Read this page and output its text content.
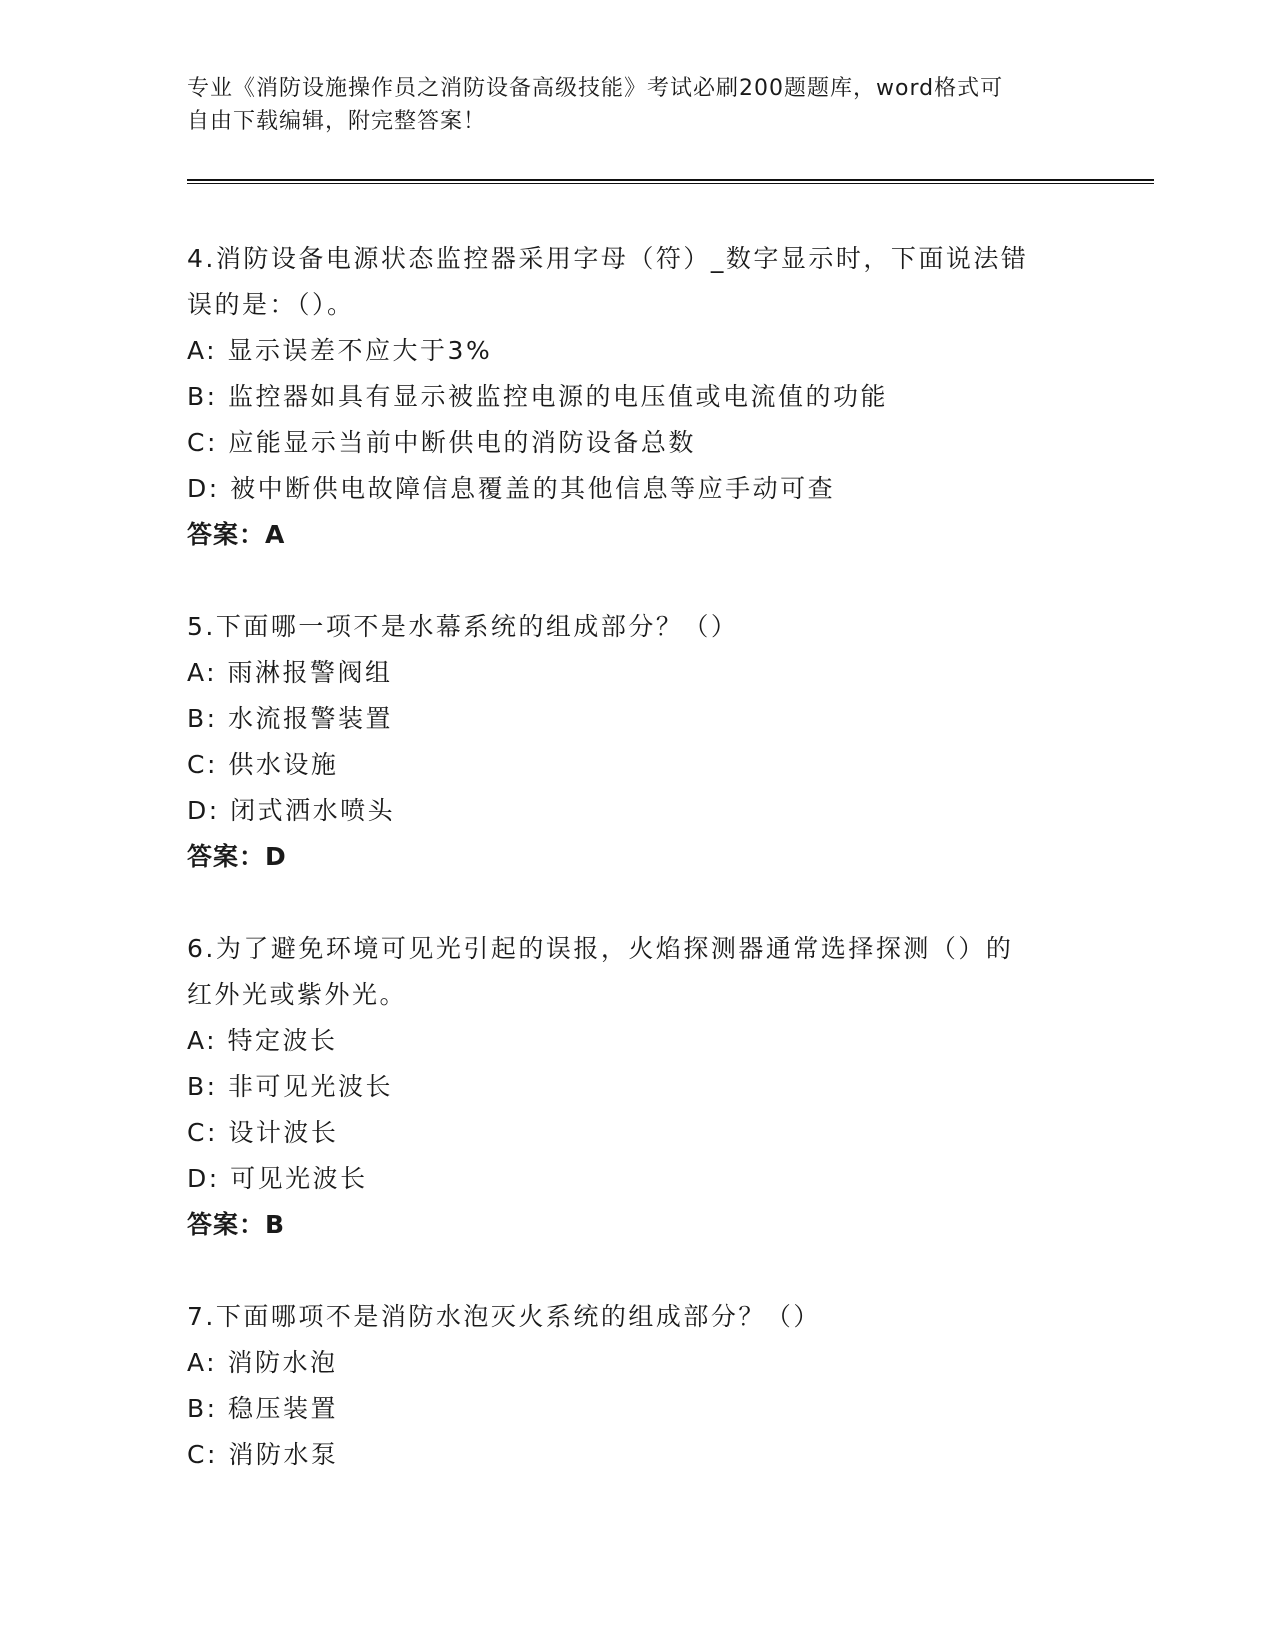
专业《消防设施操作员之消防设备高级技能》考试必刷200题题库，word格式可
自由下载编辑，附完整答案！
4.消防设备电源状态监控器采用字母（符）_数字显示时，下面说法错
误的是：（）。
A: 显示误差不应大于3%
B: 监控器如具有显示被监控电源的电压值或电流值的功能
C: 应能显示当前中断供电的消防设备总数
D: 被中断供电故障信息覆盖的其他信息等应手动可查
答案：A
5.下面哪一项不是水幕系统的组成部分？（）
A: 雨淋报警阀组
B: 水流报警装置
C: 供水设施
D: 闭式洒水喷头
答案：D
6.为了避免环境可见光引起的误报，火焰探测器通常选择探测（）的
红外光或紫外光。
A: 特定波长
B: 非可见光波长
C: 设计波长
D: 可见光波长
答案：B
7.下面哪项不是消防水泡灭火系统的组成部分？（）
A: 消防水泡
B: 稳压装置
C: 消防水泵
